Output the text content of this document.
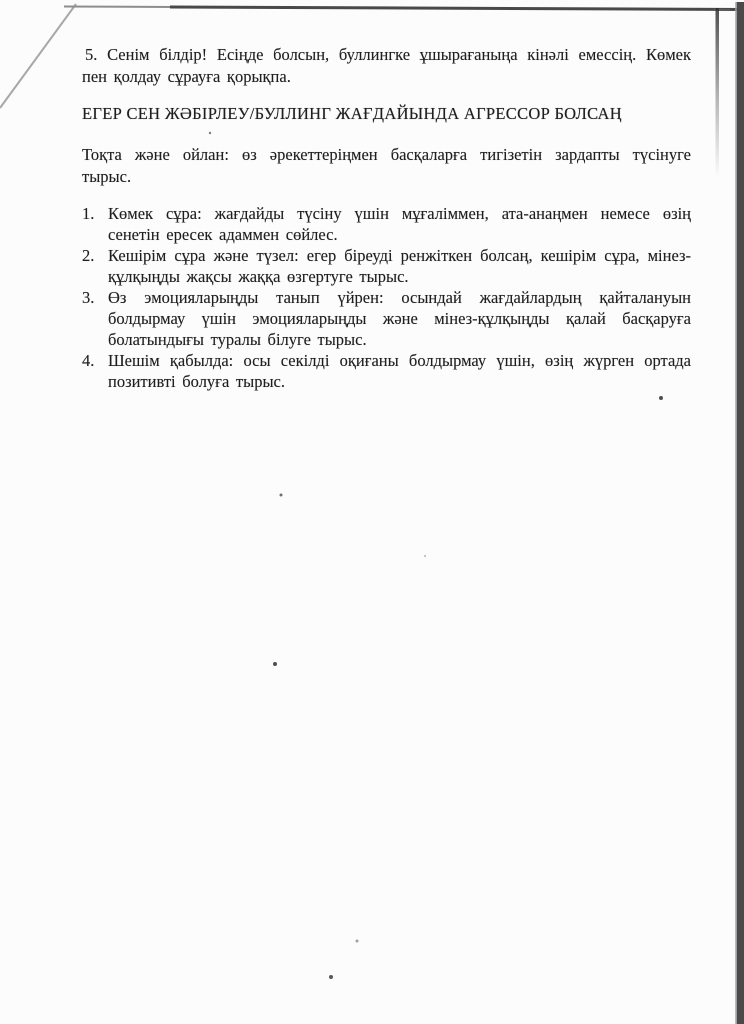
5. Сенім білдір! Есіңде болсын, буллингке ұшырағаныңа кінәлі емессің. Көмек пен қолдау сұрауға қорықпа.

ЕГЕР СЕН ЖӘБІРЛЕУ/БУЛЛИНГ ЖАҒДАЙЫНДА АГРЕССОР БОЛСАҢ

Тоқта және ойлан: өз әрекеттеріңмен басқаларға тигізетін зардапты түсінуге тырыс.

1. Көмек сұра: жағдайды түсіну үшін мұғаліммен, ата-анаңмен немесе өзің сенетін ересек адаммен сөйлес.
2. Кешірім сұра және түзел: егер біреуді ренжіткен болсаң, кешірім сұра, мінез-құлқыңды жақсы жаққа өзгертуге тырыс.
3. Өз эмоцияларыңды танып үйрен: осындай жағдайлардың қайталануын болдырмау үшін эмоцияларыңды және мінез-құлқыңды қалай басқаруға болатындығы туралы білуге тырыс.
4. Шешім қабылда: осы секілді оқиғаны болдырмау үшін, өзің жүрген ортада позитивті болуға тырыс.
